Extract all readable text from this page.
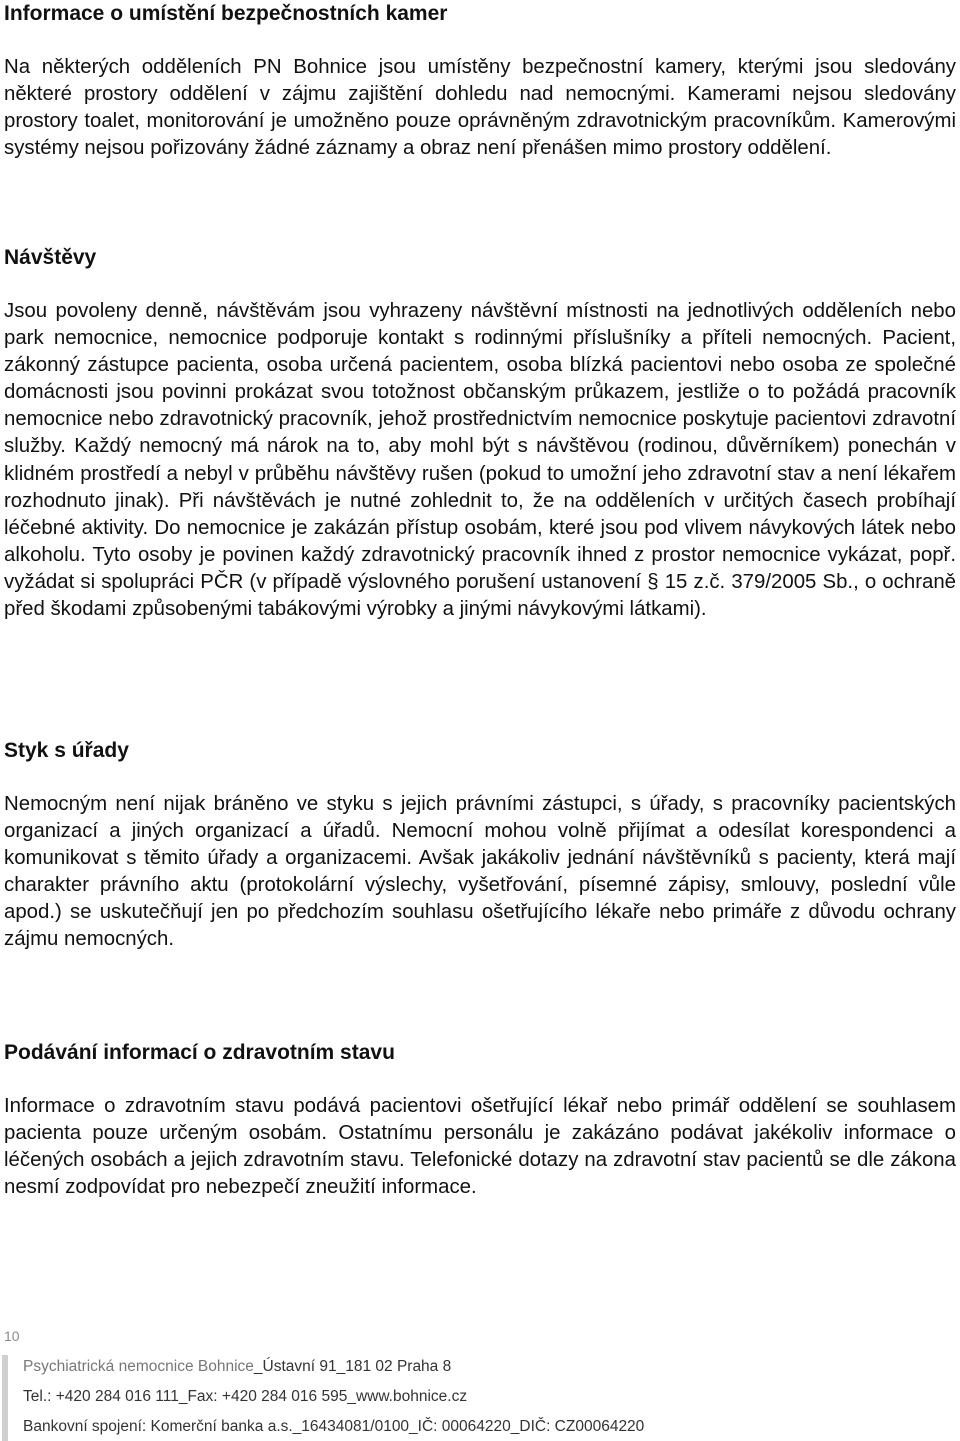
Informace o umístění bezpečnostních kamer

Na některých odděleních PN Bohnice jsou umístěny bezpečnostní kamery, kterými jsou sledovány některé prostory oddělení v zájmu zajištění dohledu nad nemocnými. Kamerami nejsou sledovány prostory toalet, monitorování je umožněno pouze oprávněným zdravotnickým pracovníkům. Kamerovými systémy nejsou pořizovány žádné záznamy a obraz není přenášen mimo prostory oddělení.

Návštěvy

Jsou povoleny denně, návštěvám jsou vyhrazeny návštěvní místnosti na jednotlivých odděleních nebo park nemocnice, nemocnice podporuje kontakt s rodinnými příslušníky a příteli nemocných. Pacient, zákonný zástupce pacienta, osoba určená pacientem, osoba blízká pacientovi nebo osoba ze společné domácnosti jsou povinni prokázat svou totožnost občanským průkazem, jestliže o to požádá pracovník nemocnice nebo zdravotnický pracovník, jehož prostřednictvím nemocnice poskytuje pacientovi zdravotní služby. Každý nemocný má nárok na to, aby mohl být s návštěvou (rodinou, důvěrníkem) ponechán v klidném prostředí a nebyl v průběhu návštěvy rušen (pokud to umožní jeho zdravotní stav a není lékařem rozhodnuto jinak). Při návštěvách je nutné zohlednit to, že na odděleních v určitých časech probíhají léčebné aktivity. Do nemocnice je zakázán přístup osobám, které jsou pod vlivem návykových látek nebo alkoholu. Tyto osoby je povinen každý zdravotnický pracovník ihned z prostor nemocnice vykázat, popř. vyžádat si spolupráci PČR (v případě výslovného porušení ustanovení § 15 z.č. 379/2005 Sb., o ochraně před škodami způsobenými tabákovými výrobky a jinými návykovými látkami).

Styk s úřady

Nemocným není nijak bráněno ve styku s jejich právními zástupci, s úřady, s pracovníky pacientských organizací a jiných organizací a úřadů. Nemocní mohou volně přijímat a odesílat korespondenci a komunikovat s těmito úřady a organizacemi. Avšak jakákoliv jednání návštěvníků s pacienty, která mají charakter právního aktu (protokolární výslechy, vyšetřování, písemné zápisy, smlouvy, poslední vůle apod.) se uskutečňují jen po předchozím souhlasu ošetřujícího lékaře nebo primáře z důvodu ochrany zájmu nemocných.

Podávání informací o zdravotním stavu

Informace o zdravotním stavu podává pacientovi ošetřující lékař nebo primář oddělení se souhlasem pacienta pouze určeným osobám. Ostatnímu personálu je zakázáno podávat jakékoliv informace o léčených osobách a jejich zdravotním stavu. Telefonické dotazy na zdravotní stav pacientů se dle zákona nesmí zodpovídat pro nebezpečí zneužití informace.

10
Psychiatrická nemocnice Bohnice_Ústavní 91_181 02 Praha 8
Tel.: +420 284 016 111_Fax: +420 284 016 595_www.bohnice.cz
Bankovní spojení: Komerční banka a.s._16434081/0100_IČ: 00064220_DIČ: CZ00064220
